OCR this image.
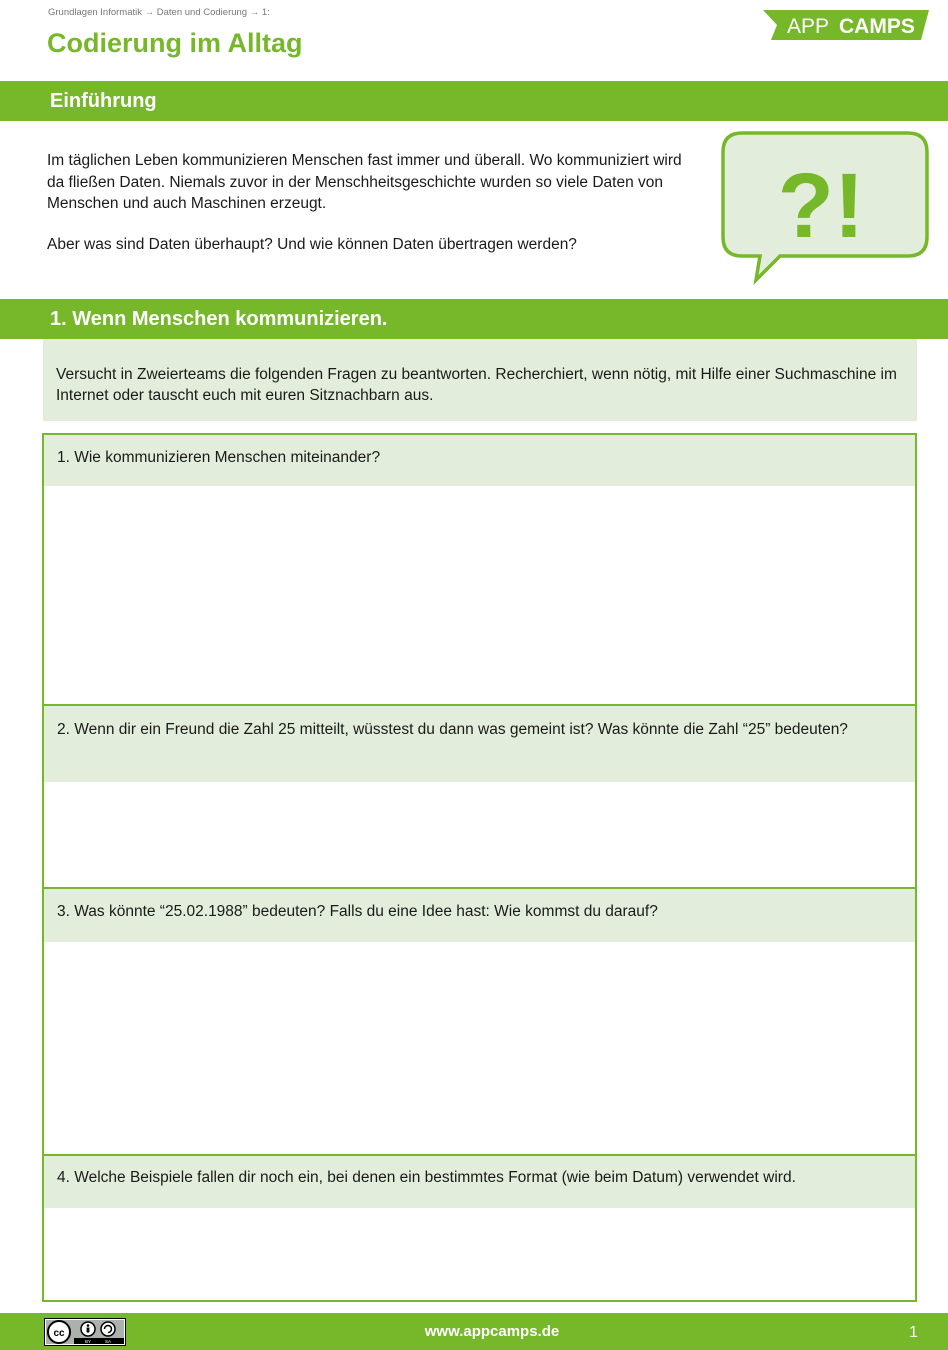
Grundlagen Informatik → Daten und Codierung → 1:
Codierung im Alltag
APP CAMPS
Einführung

Im täglichen Leben kommunizieren Menschen fast immer und überall. Wo kommuniziert wird da fließen Daten. Niemals zuvor in der Menschheitsgeschichte wurden so viele Daten von Menschen und auch Maschinen erzeugt.

Aber was sind Daten überhaupt? Und wie können Daten übertragen werden?	?!
1. Wenn Menschen kommunizieren.
Versucht in Zweierteams die folgenden Fragen zu beantworten. Recherchiert, wenn nötig, mit Hilfe einer Suchmaschine im Internet oder tauscht euch mit euren Sitznachbarn aus.
1. Wie kommunizieren Menschen miteinander?
2. Wenn dir ein Freund die Zahl 25 mitteilt, wüsstest du dann was gemeint ist? Was könnte die Zahl “25” bedeuten?
3. Was könnte “25.02.1988” bedeuten? Falls du eine Idee hast: Wie kommst du darauf?
4. Welche Beispiele fallen dir noch ein, bei denen ein bestimmtes Format (wie beim Datum) verwendet wird.
cc
BY	SA
www.appcamps.de	1
